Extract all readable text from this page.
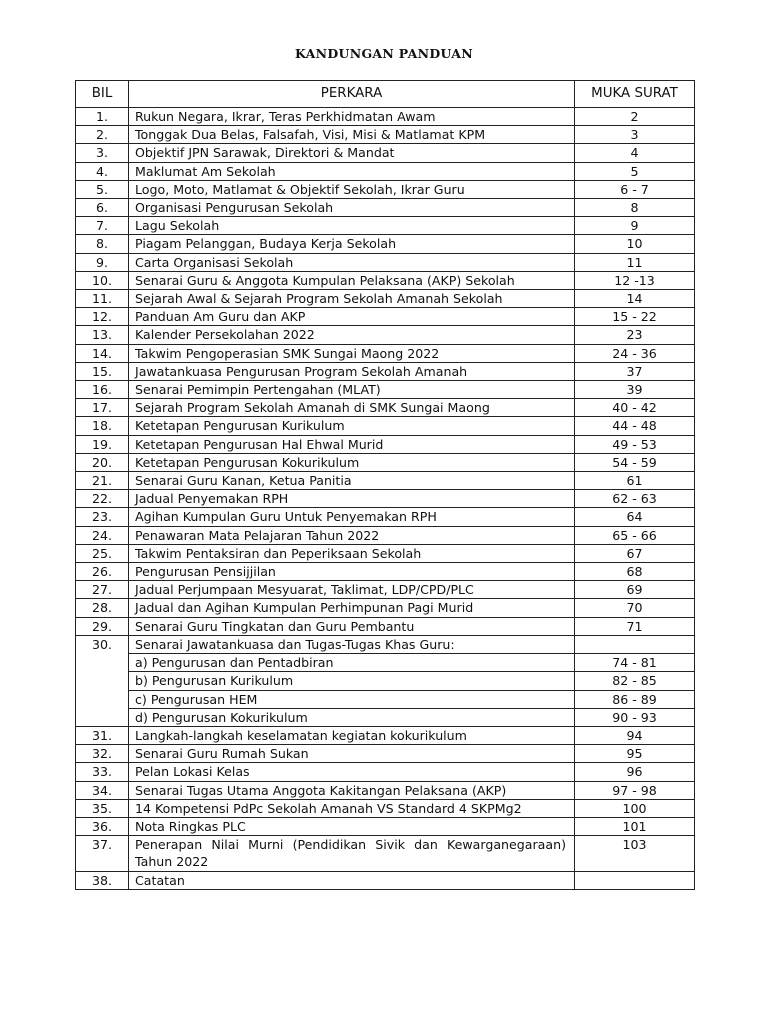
KANDUNGAN PANDUAN
BIL	PERKARA	MUKA SURAT
1.	Rukun Negara, Ikrar, Teras Perkhidmatan Awam	2
2.	Tonggak Dua Belas, Falsafah, Visi, Misi & Matlamat KPM	3
3.	Objektif JPN Sarawak, Direktori & Mandat	4
4.	Maklumat Am Sekolah	5
5.	Logo, Moto, Matlamat & Objektif Sekolah, Ikrar Guru	6 - 7
6.	Organisasi Pengurusan Sekolah	8
7.	Lagu Sekolah	9
8.	Piagam Pelanggan, Budaya Kerja Sekolah	10
9.	Carta Organisasi Sekolah	11
10.	Senarai Guru & Anggota Kumpulan Pelaksana (AKP) Sekolah	12 -13
11.	Sejarah Awal & Sejarah Program Sekolah Amanah Sekolah	14
12.	Panduan Am Guru dan AKP	15 - 22
13.	Kalender Persekolahan 2022	23
14.	Takwim Pengoperasian SMK Sungai Maong 2022	24 - 36
15.	Jawatankuasa Pengurusan Program Sekolah Amanah	37
16.	Senarai Pemimpin Pertengahan (MLAT)	39
17.	Sejarah Program Sekolah Amanah di SMK Sungai Maong	40 - 42
18.	Ketetapan Pengurusan Kurikulum	44 - 48
19.	Ketetapan Pengurusan Hal Ehwal Murid	49 - 53
20.	Ketetapan Pengurusan Kokurikulum	54 - 59
21.	Senarai Guru Kanan, Ketua Panitia	61
22.	Jadual Penyemakan RPH	62 - 63
23.	Agihan Kumpulan Guru Untuk Penyemakan RPH	64
24.	Penawaran Mata Pelajaran Tahun 2022	65 - 66
25.	Takwim Pentaksiran dan Peperiksaan Sekolah	67
26.	Pengurusan Pensijjilan	68
27.	Jadual Perjumpaan Mesyuarat, Taklimat, LDP/CPD/PLC	69
28.	Jadual dan Agihan Kumpulan Perhimpunan Pagi Murid	70
29.	Senarai Guru Tingkatan dan Guru Pembantu	71
30.	Senarai Jawatankuasa dan Tugas-Tugas Khas Guru:	
	a) Pengurusan dan Pentadbiran	74 - 81
	b) Pengurusan Kurikulum	82 - 85
	c) Pengurusan HEM	86 - 89
	d) Pengurusan Kokurikulum	90 - 93
31.	Langkah-langkah keselamatan kegiatan kokurikulum	94
32.	Senarai Guru Rumah Sukan	95
33.	Pelan Lokasi Kelas	96
34.	Senarai Tugas Utama Anggota Kakitangan Pelaksana (AKP)	97 - 98
35.	14 Kompetensi PdPc Sekolah Amanah VS Standard 4 SKPMg2	100
36.	Nota Ringkas PLC	101
37.	Penerapan Nilai Murni (Pendidikan Sivik dan Kewarganegaraan) Tahun 2022	103
38.	Catatan	
